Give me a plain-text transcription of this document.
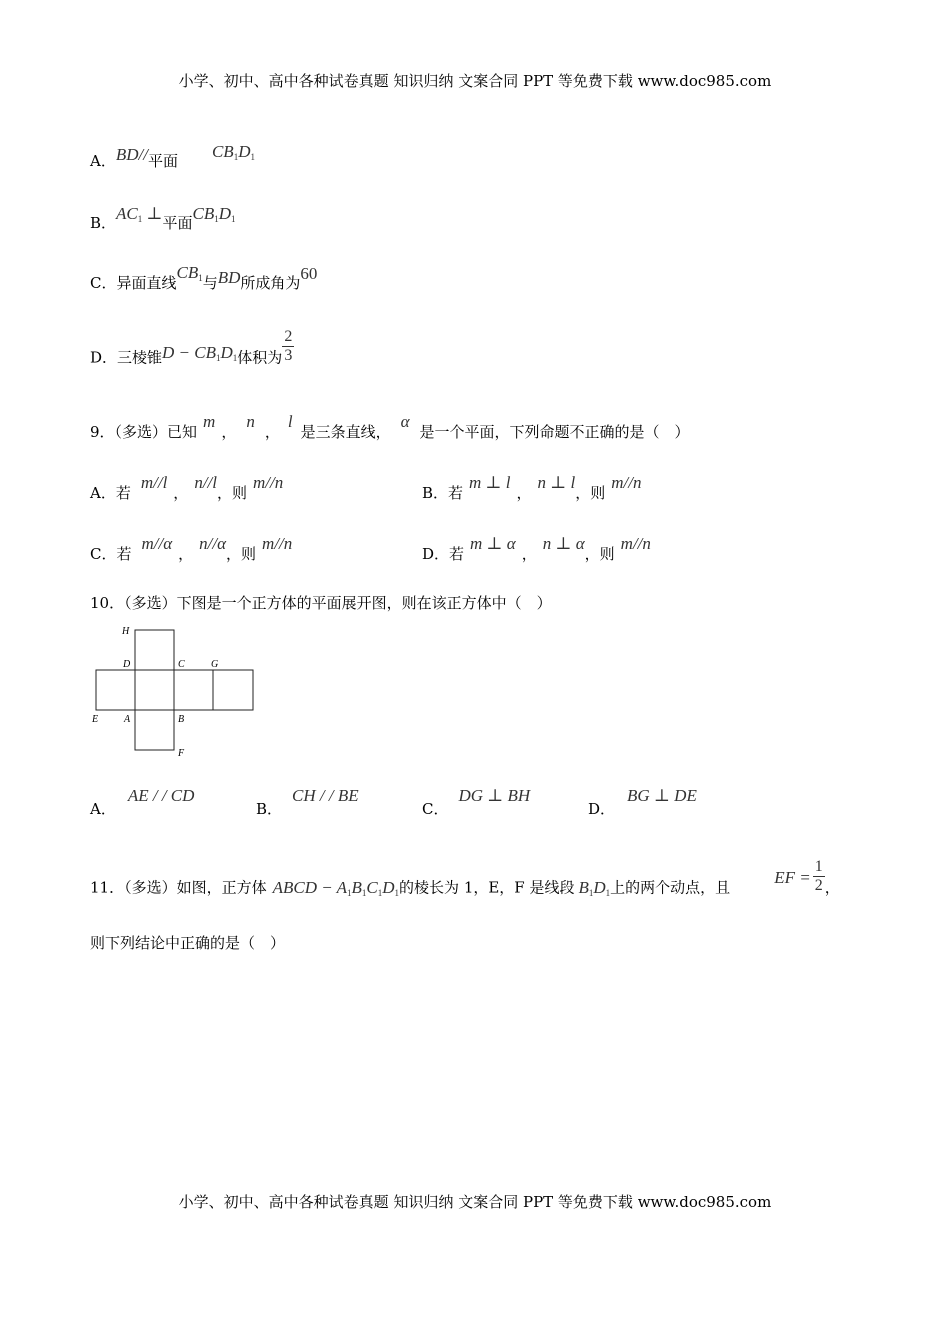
小学、初中、高中各种试卷真题 知识归纳 文案合同 PPT 等免费下载 www.doc985.com
A．BD//平面 $CB_1D_1$
B．$AC_1$ ⊥平面$CB_1D_1$
C．异面直线$CB_1$与BD所成角为60
D．三棱锥$D - CB_1D_1$体积为 $\frac{2}{3}$
9．（多选）已知m，n，l是三条直线，α是一个平面，下列命题不正确的是（　）
A．若m//l，n//l，则m//n
B．若m ⊥ l，n ⊥ l，则m//n
C．若m//α，n//α，则m//n
D．若m ⊥ α，n ⊥ α，则m//n
10．（多选）下图是一个正方体的平面展开图，则在该正方体中（　）
H
D	C	G
E	A	B
F
A．AE / / CD
B．CH / / BE
C．DG ⊥ BH
D．BG ⊥ DE
11．（多选）如图，正方体 ABCD − $A_1B_1C_1D_1$的棱长为 1，E，F 是线段 $B_1D_1$上的两个动点，且EF = $\frac{1}{2}$ ，
则下列结论中正确的是（　）
小学、初中、高中各种试卷真题 知识归纳 文案合同 PPT 等免费下载 www.doc985.com
